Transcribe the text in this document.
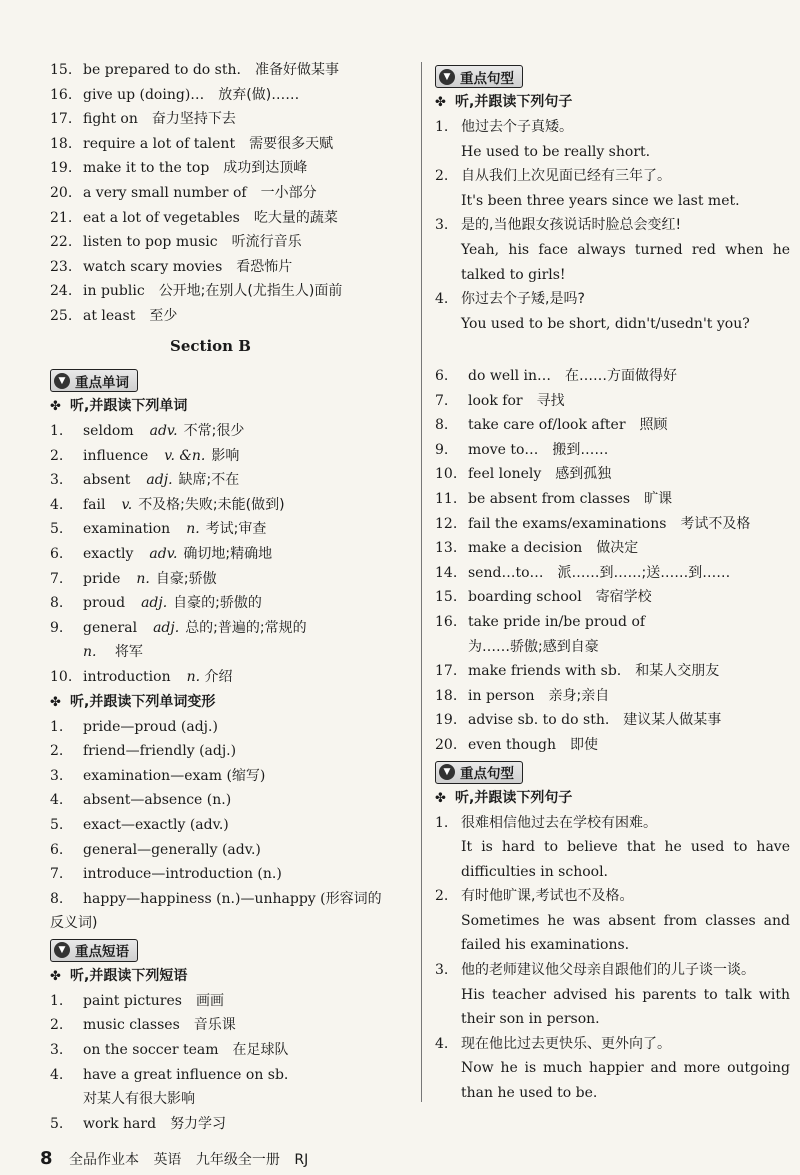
15. be prepared to do sth. 准备好做某事
16. give up (doing)… 放弃(做)……
17. fight on 奋力坚持下去
18. require a lot of talent 需要很多天赋
19. make it to the top 成功到达顶峰
20. a very small number of 一小部分
21. eat a lot of vegetables 吃大量的蔬菜
22. listen to pop music 听流行音乐
23. watch scary movies 看恐怖片
24. in public 公开地;在别人(尤指生人)面前
25. at least 至少
Section B
▼ 重点单词
✤ 听,并跟读下列单词
1. seldom adv. 不常;很少
2. influence v. &n. 影响
3. absent adj. 缺席;不在
4. fail v. 不及格;失败;未能(做到)
5. examination n. 考试;审查
6. exactly adv. 确切地;精确地
7. pride n. 自豪;骄傲
8. proud adj. 自豪的;骄傲的
9. general adj. 总的;普遍的;常规的
n. 将军
10. introduction n. 介绍
✤ 听,并跟读下列单词变形
1. pride—proud (adj.)
2. friend—friendly (adj.)
3. examination—exam (缩写)
4. absent—absence (n.)
5. exact—exactly (adv.)
6. general—generally (adv.)
7. introduce—introduction (n.)
8. happy—happiness (n.)—unhappy (形容词的
反义词)
▼ 重点短语
✤ 听,并跟读下列短语
1. paint pictures 画画
2. music classes 音乐课
3. on the soccer team 在足球队
4. have a great influence on sb.
对某人有很大影响
5. work hard 努力学习
▼ 重点句型
✤ 听,并跟读下列句子
1. 他过去个子真矮。
He used to be really short.
2. 自从我们上次见面已经有三年了。
It's been three years since we last met.
3. 是的,当他跟女孩说话时脸总会变红!
Yeah, his face always turned red when he talked to girls!
4. 你过去个子矮,是吗?
You used to be short, didn't/usedn't you?
6. do well in… 在……方面做得好
7. look for 寻找
8. take care of/look after 照顾
9. move to… 搬到……
10. feel lonely 感到孤独
11. be absent from classes 旷课
12. fail the exams/examinations 考试不及格
13. make a decision 做决定
14. send…to… 派……到……;送……到……
15. boarding school 寄宿学校
16. take pride in/be proud of
为……骄傲;感到自豪
17. make friends with sb. 和某人交朋友
18. in person 亲身;亲自
19. advise sb. to do sth. 建议某人做某事
20. even though 即使
▼ 重点句型
✤ 听,并跟读下列句子
1. 很难相信他过去在学校有困难。
It is hard to believe that he used to have difficulties in school.
2. 有时他旷课,考试也不及格。
Sometimes he was absent from classes and failed his examinations.
3. 他的老师建议他父母亲自跟他们的儿子谈一谈。
His teacher advised his parents to talk with their son in person.
4. 现在他比过去更快乐、更外向了。
Now he is much happier and more outgoing than he used to be.
8 全品作业本 英语 九年级全一册 RJ
